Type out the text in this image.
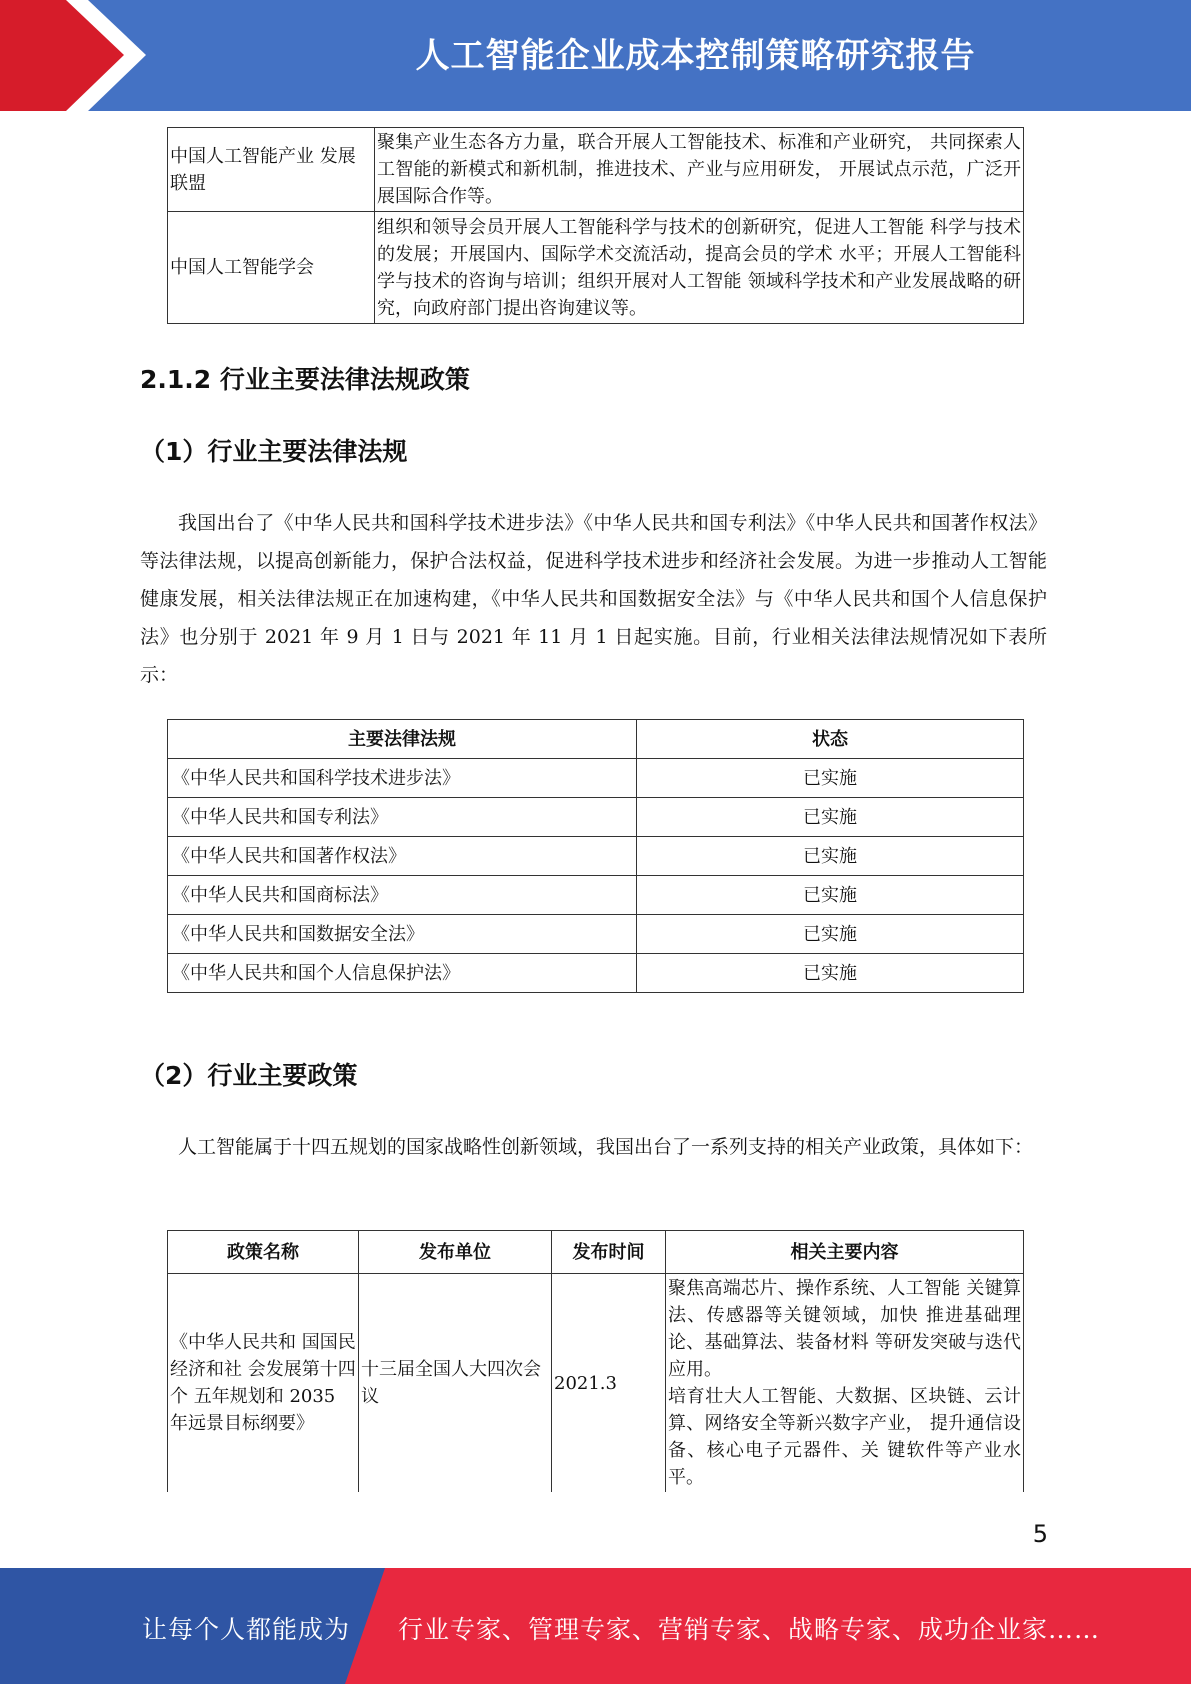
人工智能企业成本控制策略研究报告
中国人工智能产业 发展联盟	聚集产业生态各方力量，联合开展人工智能技术、标准和产业研究， 共同探索人工智能的新模式和新机制，推进技术、产业与应用研发， 开展试点示范，广泛开展国际合作等。
中国人工智能学会	组织和领导会员开展人工智能科学与技术的创新研究，促进人工智能 科学与技术的发展；开展国内、国际学术交流活动，提高会员的学术 水平；开展人工智能科学与技术的咨询与培训；组织开展对人工智能 领域科学技术和产业发展战略的研究，向政府部门提出咨询建议等。
2.1.2 行业主要法律法规政策
（1）行业主要法律法规
我国出台了《中华人民共和国科学技术进步法》《中华人民共和国专利法》《中华人民共和国著作权法》等法律法规，以提高创新能力，保护合法权益，促进科学技术进步和经济社会发展。为进一步推动人工智能健康发展，相关法律法规正在加速构建，《中华人民共和国数据安全法》与《中华人民共和国个人信息保护法》也分别于 2021 年 9 月 1 日与 2021 年 11 月 1 日起实施。目前，行业相关法律法规情况如下表所示：
主要法律法规	状态
《中华人民共和国科学技术进步法》	已实施
《中华人民共和国专利法》	已实施
《中华人民共和国著作权法》	已实施
《中华人民共和国商标法》	已实施
《中华人民共和国数据安全法》	已实施
《中华人民共和国个人信息保护法》	已实施
（2）行业主要政策
人工智能属于十四五规划的国家战略性创新领域，我国出台了一系列支持的相关产业政策，具体如下：
政策名称	发布单位	发布时间	相关主要内容
《中华人民共和 国国民经济和社 会发展第十四个 五年规划和 2035 年远景目标纲要》	十三届全国人大四次会议	2021.3	聚焦高端芯片、操作系统、人工智能 关键算法、传感器等关键领域，加快 推进基础理论、基础算法、装备材料 等研发突破与迭代应用。
培育壮大人工智能、大数据、区块链、云计算、网络安全等新兴数字产业， 提升通信设备、核心电子元器件、关 键软件等产业水平。
5
让每个人都能成为 行业专家、管理专家、营销专家、战略专家、成功企业家……
